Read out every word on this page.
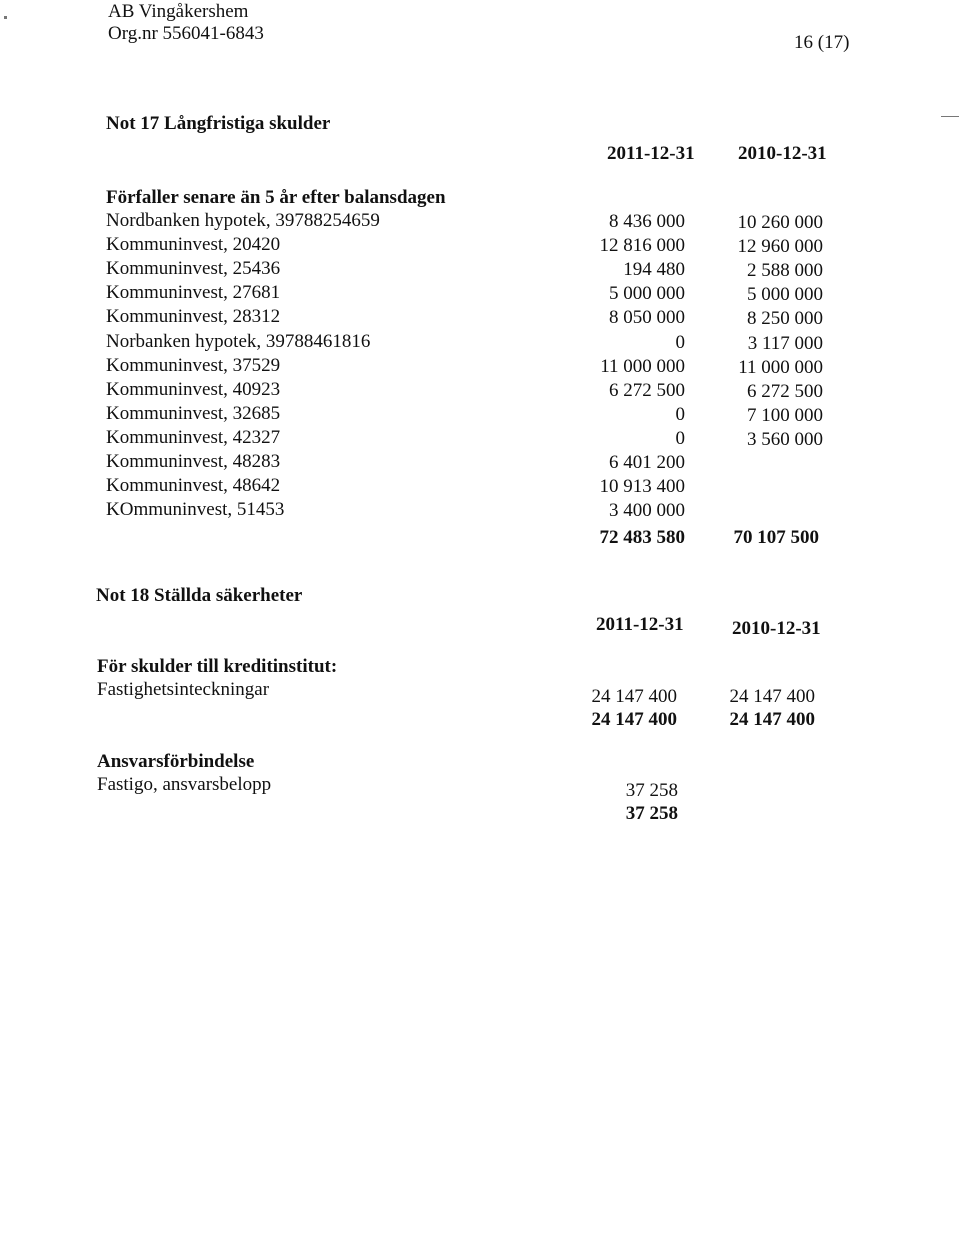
AB Vingåkershem
Org.nr 556041-6843	16 (17)
Not 17 Långfristiga skulder
2011-12-31 2010-12-31
Förfaller senare än 5 år efter balansdagen
Nordbanken hypotek, 39788254659	8 436 000	10 260 000
Kommuninvest, 20420	12 816 000	12 960 000
Kommuninvest, 25436	194 480	2 588 000
Kommuninvest, 27681	5 000 000	5 000 000
Kommuninvest, 28312	8 050 000	8 250 000
Norbanken hypotek, 39788461816	0	3 117 000
Kommuninvest, 37529	11 000 000	11 000 000
Kommuninvest, 40923	6 272 500	6 272 500
Kommuninvest, 32685	0	7 100 000
Kommuninvest, 42327	0	3 560 000
Kommuninvest, 48283	6 401 200
Kommuninvest, 48642	10 913 400
KOmmuninvest, 51453	3 400 000
72 483 580	70 107 500
Not 18 Ställda säkerheter
2011-12-31	2010-12-31
För skulder till kreditinstitut:
Fastighetsinteckningar	24 147 400	24 147 400
24 147 400	24 147 400
Ansvarsförbindelse
Fastigo, ansvarsbelopp	37 258
37 258
